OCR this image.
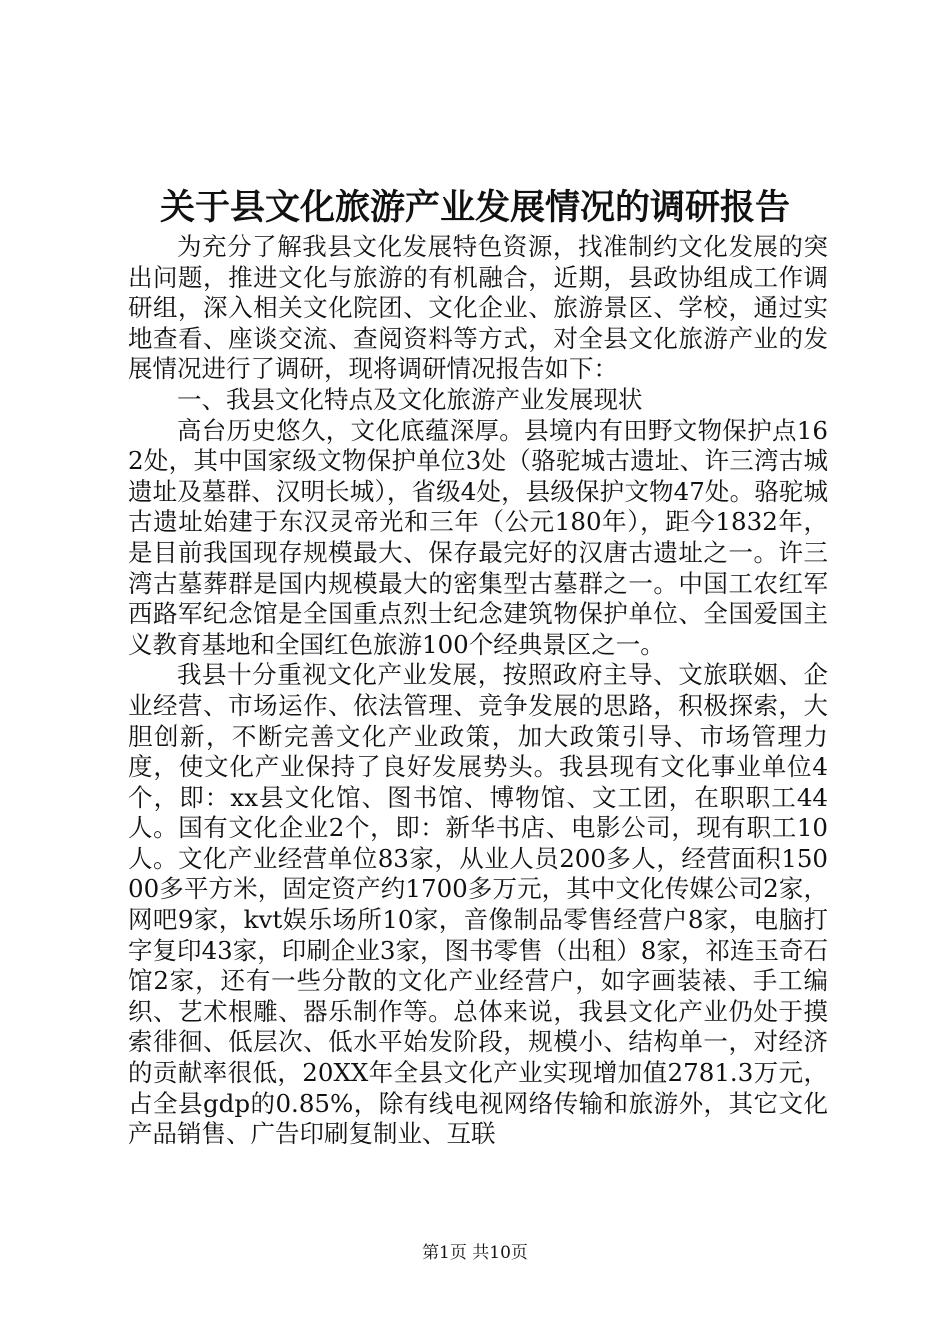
关于县文化旅游产业发展情况的调研报告

为充分了解我县文化发展特色资源，找准制约文化发展的突出问题，推进文化与旅游的有机融合，近期，县政协组成工作调研组，深入相关文化院团、文化企业、旅游景区、学校，通过实地查看、座谈交流、查阅资料等方式，对全县文化旅游产业的发展情况进行了调研，现将调研情况报告如下：

一、我县文化特点及文化旅游产业发展现状

高台历史悠久，文化底蕴深厚。县境内有田野文物保护点162处，其中国家级文物保护单位3处（骆驼城古遗址、许三湾古城遗址及墓群、汉明长城），省级4处，县级保护文物47处。骆驼城古遗址始建于东汉灵帝光和三年（公元180年），距今1832年，是目前我国现存规模最大、保存最完好的汉唐古遗址之一。许三湾古墓葬群是国内规模最大的密集型古墓群之一。中国工农红军西路军纪念馆是全国重点烈士纪念建筑物保护单位、全国爱国主义教育基地和全国红色旅游100个经典景区之一。

我县十分重视文化产业发展，按照政府主导、文旅联姻、企业经营、市场运作、依法管理、竞争发展的思路，积极探索，大胆创新，不断完善文化产业政策，加大政策引导、市场管理力度，使文化产业保持了良好发展势头。我县现有文化事业单位4个，即：xx县文化馆、图书馆、博物馆、文工团，在职职工44人。国有文化企业2个，即：新华书店、电影公司，现有职工10人。文化产业经营单位83家，从业人员200多人，经营面积15000多平方米，固定资产约1700多万元，其中文化传媒公司2家，网吧9家，kvt娱乐场所10家，音像制品零售经营户8家，电脑打字复印43家，印刷企业3家，图书零售（出租）8家，祁连玉奇石馆2家，还有一些分散的文化产业经营户，如字画装裱、手工编织、艺术根雕、器乐制作等。总体来说，我县文化产业仍处于摸索徘徊、低层次、低水平始发阶段，规模小、结构单一，对经济的贡献率很低，20XX年全县文化产业实现增加值2781.3万元，占全县gdp的0.85%，除有线电视网络传输和旅游外，其它文化产品销售、广告印刷复制业、互联

第1页 共10页
